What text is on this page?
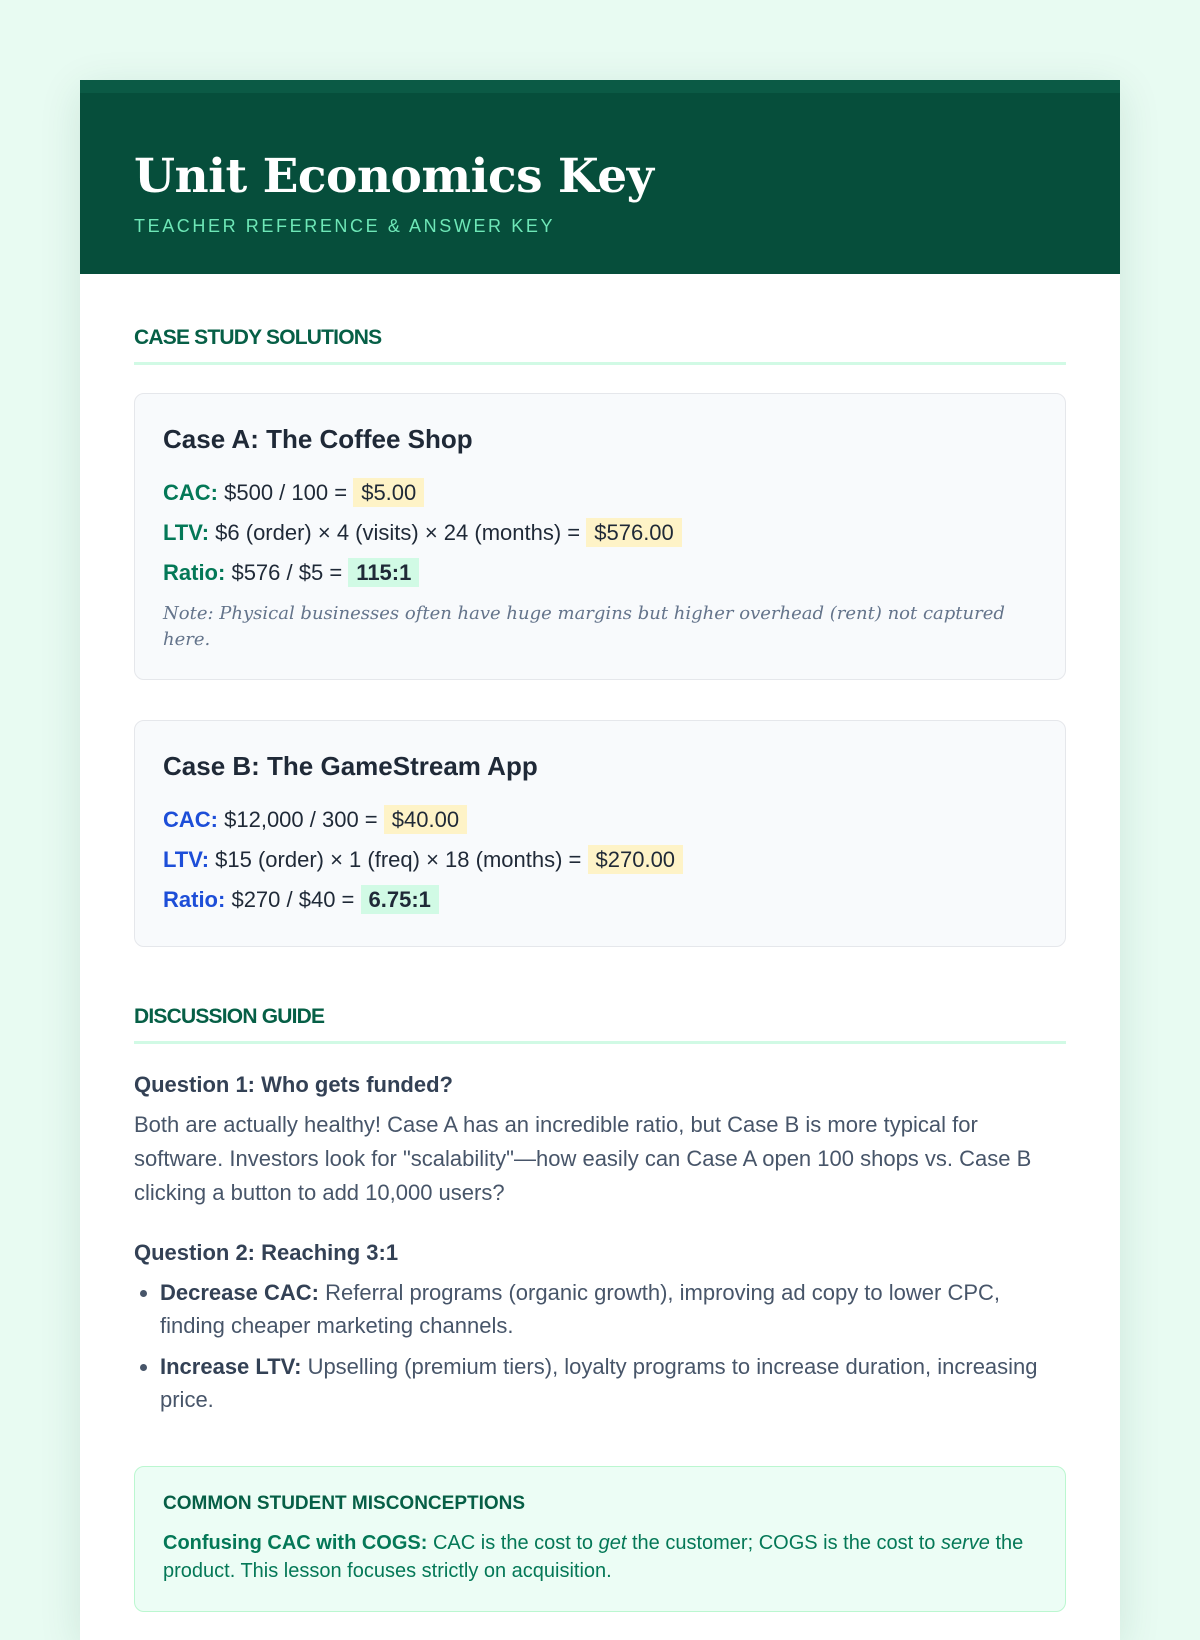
Unit Economics Key
TEACHER REFERENCE & ANSWER KEY
CASE STUDY SOLUTIONS
Case A: The Coffee Shop
CAC: $500 / 100 = $5.00
LTV: $6 (order) × 4 (visits) × 24 (months) = $576.00
Ratio: $576 / $5 = 115:1
Note: Physical businesses often have huge margins but higher overhead (rent) not captured here.
Case B: The GameStream App
CAC: $12,000 / 300 = $40.00
LTV: $15 (order) × 1 (freq) × 18 (months) = $270.00
Ratio: $270 / $40 = 6.75:1
DISCUSSION GUIDE
Question 1: Who gets funded?

Both are actually healthy! Case A has an incredible ratio, but Case B is more typical for software. Investors look for "scalability"—how easily can Case A open 100 shops vs. Case B clicking a button to add 10,000 users?

Question 2: Reaching 3:1
• Decrease CAC: Referral programs (organic growth), improving ad copy to lower CPC, finding cheaper marketing channels.
• Increase LTV: Upselling (premium tiers), loyalty programs to increase duration, increasing price.
COMMON STUDENT MISCONCEPTIONS
Confusing CAC with COGS: CAC is the cost to get the customer; COGS is the cost to serve the product. This lesson focuses strictly on acquisition.
